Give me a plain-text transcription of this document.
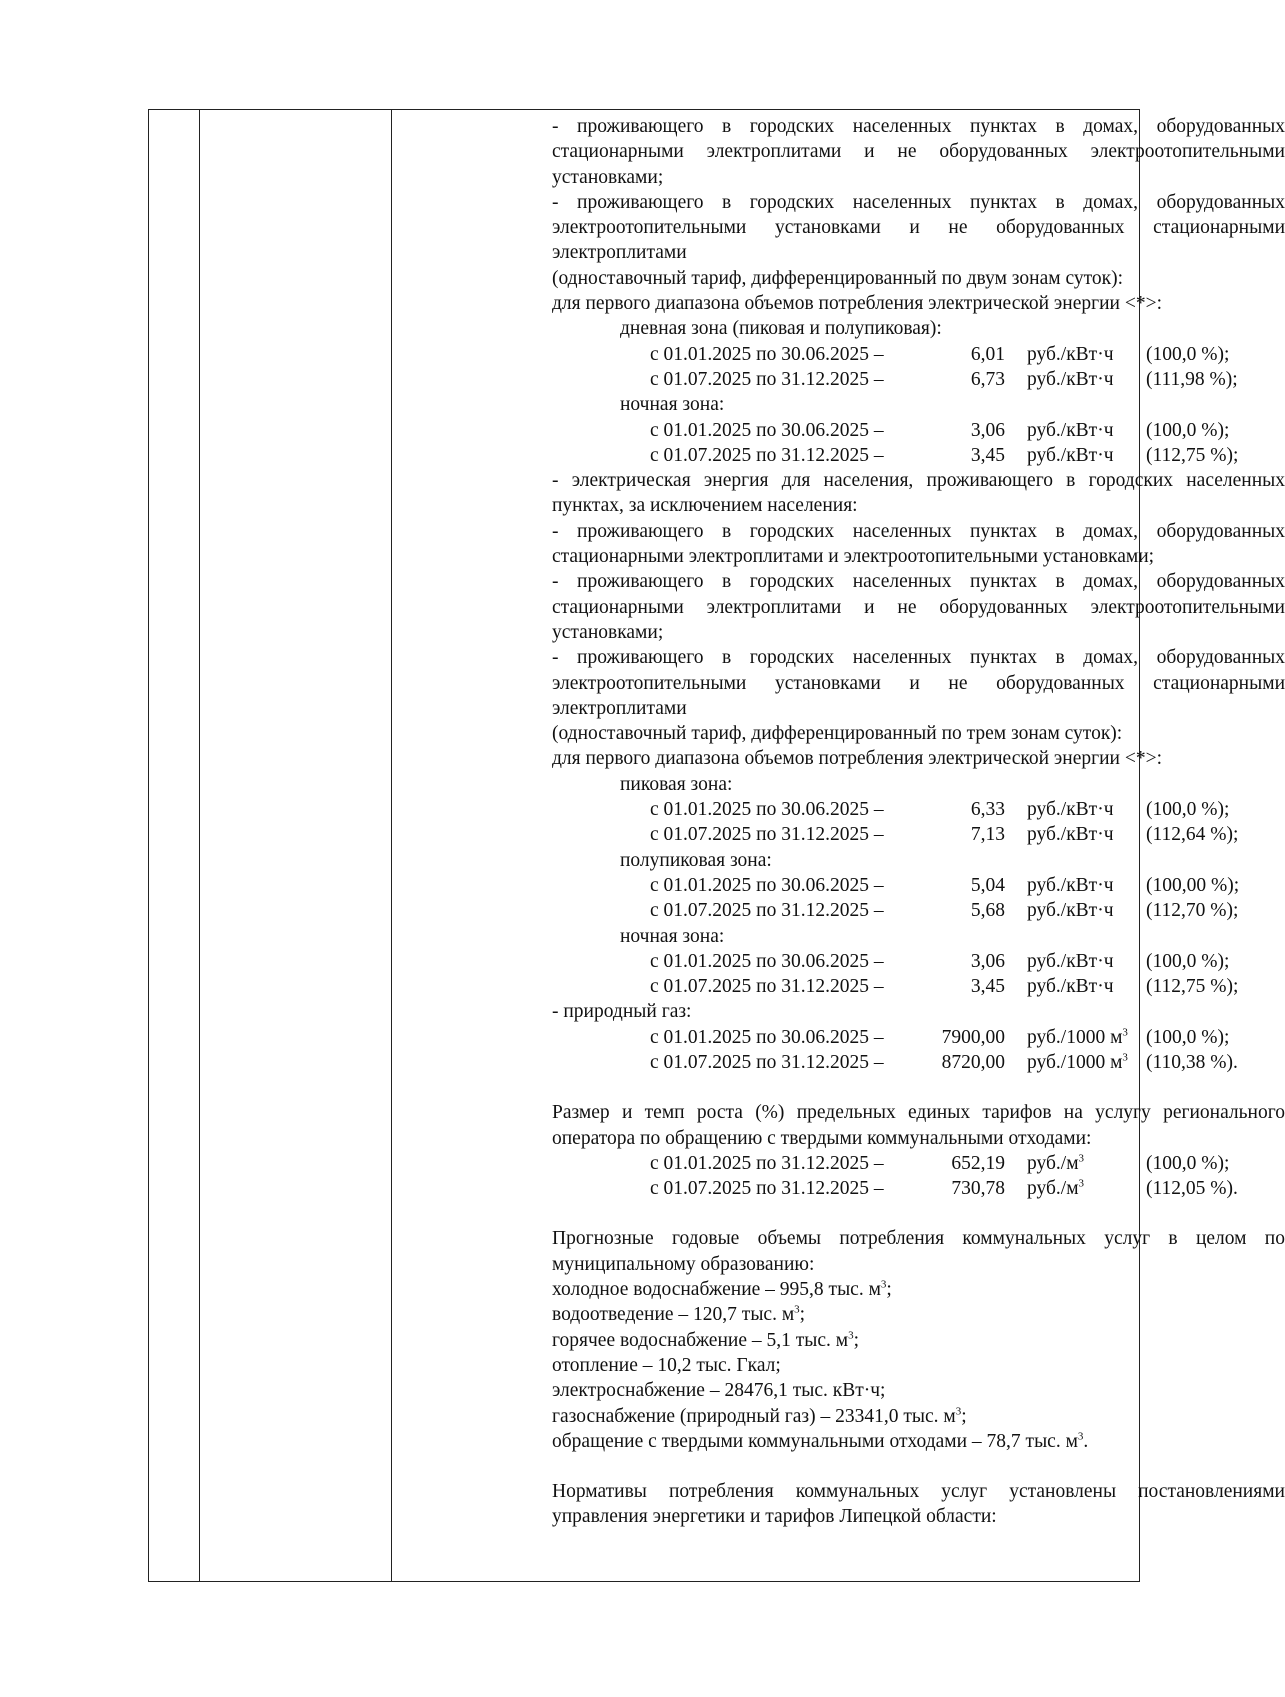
- проживающего в городских населенных пунктах в домах, оборудованных стационарными электроплитами и не оборудованных электроотопительными установками;

- проживающего в городских населенных пунктах в домах, оборудованных электроотопительными установками и не оборудованных стационарными электроплитами

(одноставочный тариф, дифференцированный по двум зонам суток):
для первого диапазона объемов потребления электрической энергии <*>:
дневная зона (пиковая и полупиковая):
с 01.01.2025 по 30.06.2025 –	6,01	руб./кВт·ч	(100,0 %);
с 01.07.2025 по 31.12.2025 –	6,73	руб./кВт·ч	(111,98 %);
ночная зона:
с 01.01.2025 по 30.06.2025 –	3,06	руб./кВт·ч	(100,0 %);
с 01.07.2025 по 31.12.2025 –	3,45	руб./кВт·ч	(112,75 %);

- электрическая энергия для населения, проживающего в городских населенных пунктах, за исключением населения:

- проживающего в городских населенных пунктах в домах, оборудованных стационарными электроплитами и электроотопительными установками;

- проживающего в городских населенных пунктах в домах, оборудованных стационарными электроплитами и не оборудованных электроотопительными установками;

- проживающего в городских населенных пунктах в домах, оборудованных электроотопительными установками и не оборудованных стационарными электроплитами

(одноставочный тариф, дифференцированный по трем зонам суток):
для первого диапазона объемов потребления электрической энергии <*>:
пиковая зона:
с 01.01.2025 по 30.06.2025 –	6,33	руб./кВт·ч	(100,0 %);
с 01.07.2025 по 31.12.2025 –	7,13	руб./кВт·ч	(112,64 %);
полупиковая зона:
с 01.01.2025 по 30.06.2025 –	5,04	руб./кВт·ч	(100,00 %);
с 01.07.2025 по 31.12.2025 –	5,68	руб./кВт·ч	(112,70 %);
ночная зона:
с 01.01.2025 по 30.06.2025 –	3,06	руб./кВт·ч	(100,0 %);
с 01.07.2025 по 31.12.2025 –	3,45	руб./кВт·ч	(112,75 %);
- природный газ:
с 01.01.2025 по 30.06.2025 –	7900,00	руб./1000 $м^3$ (100,0 %);
с 01.07.2025 по 31.12.2025 –	8720,00	руб./1000 $м^3$ (110,38 %).

Размер и темп роста (%) предельных единых тарифов на услугу регионального оператора по обращению с твердыми коммунальными отходами:

с 01.01.2025 по 31.12.2025 –	652,19	$руб./м^3$	(100,0 %);
с 01.07.2025 по 31.12.2025 –	730,78	$руб./м^3$	(112,05 %).

Прогнозные годовые объемы потребления коммунальных услуг в целом по муниципальному образованию:

холодное водоснабжение – 995,8 тыс. $м^3$;
водоотведение – 120,7 тыс. $м^3$;
горячее водоснабжение – 5,1 тыс. $м^3$;
отопление – 10,2 тыс. Гкал;
электроснабжение – 28476,1 тыс. кВт·ч;
газоснабжение (природный газ) – 23341,0 тыс. $м^3$;
обращение с твердыми коммунальными отходами – 78,7 тыс. $м^3$.

Нормативы потребления коммунальных услуг установлены постановлениями управления энергетики и тарифов Липецкой области:
